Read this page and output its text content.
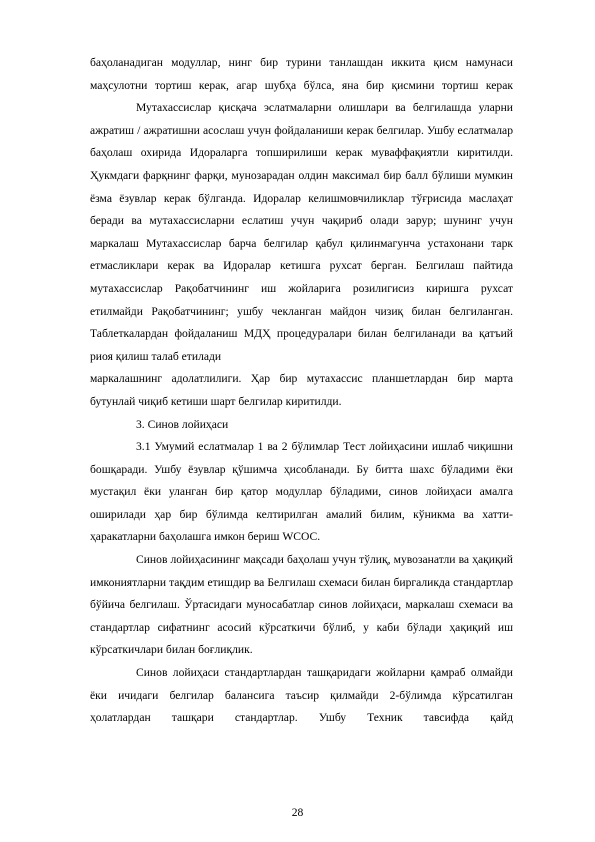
баҳоланадиган модуллар, нинг бир турини танлашдан иккита қисм намунаси маҳсулотни тортиш керак, агар шубҳа бўлса, яна бир қисмини тортиш керак

Мутахассислар қисқача эслатмаларни олишлари ва белгилашда уларни ажратиш / ажратишни асослаш учун фойдаланиши керак белгилар. Ушбу еслатмалар баҳолаш охирида Идораларга топширилиши керак муваффақиятли киритилди. Ҳукмдаги фарқнинг фарқи, мунозарадан олдин максимал бир балл бўлиши мумкин ёзма ёзувлар керак бўлганда. Идоралар келишмовчиликлар тўғрисида маслаҳат беради ва мутахассисларни еслатиш учун чақириб олади зарур; шунинг учун маркалаш Мутахассислар барча белгилар қабул қилинмагунча устахонани тарк етмасликлари керак ва Идоралар кетишга рухсат берган. Белгилаш пайтида мутахассислар Рақобатчининг иш жойларига розилигисиз киришга рухсат етилмайди Рақобатчининг; ушбу чекланган майдон чизиқ билан белгиланган. Таблеткалардан фойдаланиш МДҲ процедуралари билан белгиланади ва қатъий риоя қилиш талаб етилади

маркалашнинг адолатлилиги. Ҳар бир мутахассис планшетлардан бир марта бутунлай чиқиб кетиши шарт белгилар киритилди.

3. Синов лойиҳаси

3.1 Умумий еслатмалар 1 ва 2 бўлимлар Тест лойиҳасини ишлаб чиқишни бошқаради. Ушбу ёзувлар қўшимча ҳисобланади. Бу битта шахс бўладими ёки мустақил ёки уланган бир қатор модуллар бўладими, синов лойиҳаси амалга оширилади ҳар бир бўлимда келтирилган амалий билим, кўникма ва хатти-ҳаракатларни баҳолашга имкон бериш WCОС.

Синов лойиҳасининг мақсади баҳолаш учун тўлиқ, мувозанатли ва ҳақиқий имкониятларни тақдим етишдир ва Белгилаш схемаси билан биргаликда стандартлар бўйича белгилаш. Ўртасидаги муносабатлар синов лойиҳаси, маркалаш схемаси ва стандартлар сифатнинг асосий кўрсаткичи бўлиб, у каби бўлади ҳақиқий иш кўрсаткичлари билан боғлиқлик.

Синов лойиҳаси стандартлардан ташқаридаги жойларни қамраб олмайди ёки ичидаги белгилар балансига таъсир қилмайди 2-бўлимда кўрсатилган ҳолатлардан ташқари стандартлар. Ушбу Техник тавсифда қайд

28
